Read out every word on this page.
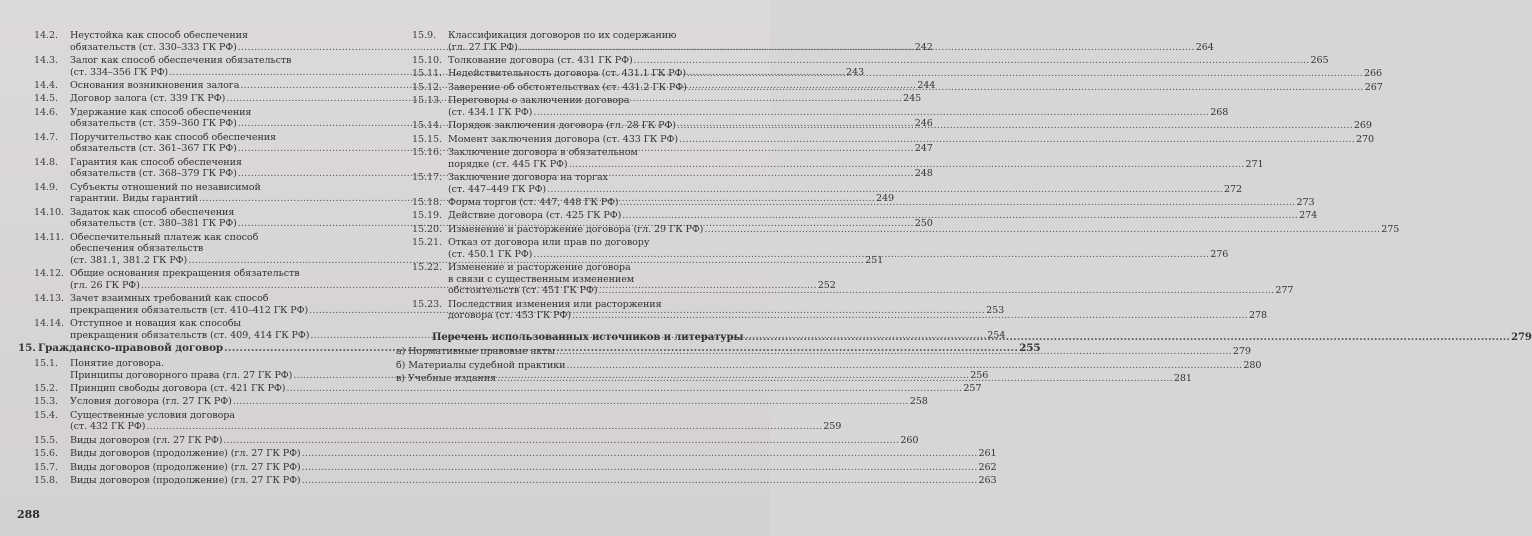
14.2.	Неустойка как способ обеспечения
обязательств (ст. 330–333 ГК РФ) .....	242
14.3.	Залог как способ обеспечения обязательств
(ст. 334–356 ГК РФ) .....	243
14.4.	Основания возникновения залога .....	244
14.5.	Договор залога (ст. 339 ГК РФ) .....	245
14.6.	Удержание как способ обеспечения
обязательств (ст. 359–360 ГК РФ) .....	246
14.7.	Поручительство как способ обеспечения
обязательств (ст. 361–367 ГК РФ) .....	247
14.8.	Гарантия как способ обеспечения
обязательств (ст. 368–379 ГК РФ) .....	248
14.9.	Субъекты отношений по независимой
гарантии. Виды гарантий .....	249
14.10. Задаток как способ обеспечения
обязательств (ст. 380–381 ГК РФ) .....	250
14.11. Обеспечительный платеж как способ
обеспечения обязательств
(ст. 381.1, 381.2 ГК РФ) .....	251
14.12. Общие основания прекращения обязательств
(гл. 26 ГК РФ) .....	252
14.13. Зачет взаимных требований как способ
прекращения обязательств (ст. 410–412 ГК РФ) .....	253
14.14. Отступное и новация как способы
прекращения обязательств (ст. 409, 414 ГК РФ) .....	254
15. Гражданско-правовой договор .....	255
15.1.	Понятие договора.
Принципы договорного права (гл. 27 ГК РФ) .....	256
15.2.	Принцип свободы договора (ст. 421 ГК РФ) .....	257
15.3.	Условия договора (гл. 27 ГК РФ) .....	258
15.4.	Существенные условия договора
(ст. 432 ГК РФ) .....	259
15.5.	Виды договоров (гл. 27 ГК РФ) .....	260
15.6.	Виды договоров (продолжение) (гл. 27 ГК РФ) .....	261
15.7.	Виды договоров (продолжение) (гл. 27 ГК РФ) .....	262
15.8.	Виды договоров (продолжение) (гл. 27 ГК РФ) .....	263
15.9.	Классификация договоров по их содержанию
(гл. 27 ГК РФ) .....	264
15.10. Толкование договора (ст. 431 ГК РФ) .....	265
15.11. Недействительность договора (ст. 431.1 ГК РФ) .....	266
15.12. Заверение об обстоятельствах (ст. 431.2 ГК РФ) .....	267
15.13. Переговоры о заключении договора
(ст. 434.1 ГК РФ) .....	268
15.14. Порядок заключения договора (гл. 28 ГК РФ) .....	269
15.15. Момент заключения договора (ст. 433 ГК РФ) .....	270
15.16. Заключение договора в обязательном
порядке (ст. 445 ГК РФ) .....	271
15.17. Заключение договора на торгах
(ст. 447–449 ГК РФ) .....	272
15.18. Форма торгов (ст. 447, 448 ГК РФ) .....	273
15.19. Действие договора (ст. 425 ГК РФ) .....	274
15.20. Изменение и расторжение договора (гл. 29 ГК РФ) .....	275
15.21. Отказ от договора или прав по договору
(ст. 450.1 ГК РФ) .....	276
15.22. Изменение и расторжение договора
в связи с существенным изменением
обстоятельств (ст. 451 ГК РФ) .....	277
15.23. Последствия изменения или расторжения
договора (ст. 453 ГК РФ) .....	278
Перечень использованных источников и литературы .....	279
а) Нормативные правовые акты .....	279
б) Материалы судебной практики .....	280
в) Учебные издания .....	281
288
